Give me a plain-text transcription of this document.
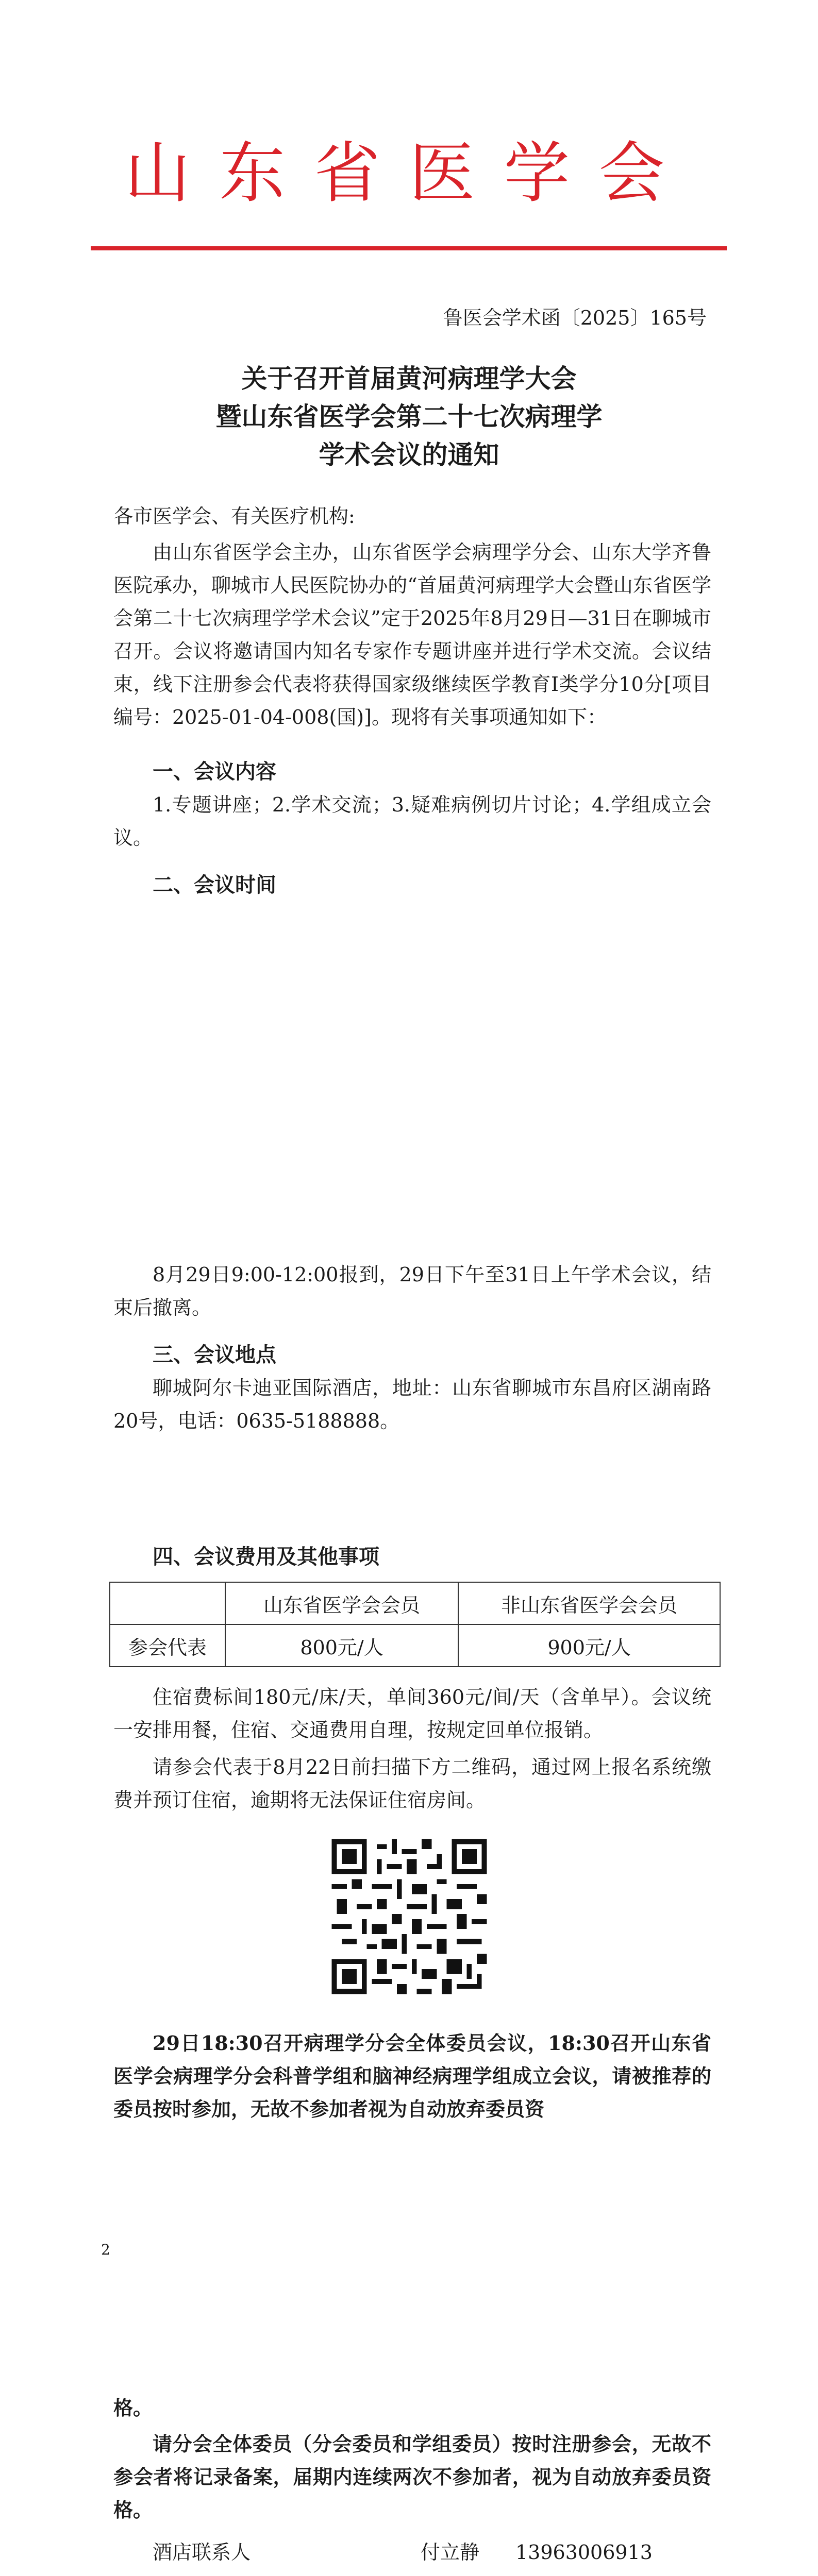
山东省医学会
鲁医会学术函〔2025〕165号
关于召开首届黄河病理学大会
暨山东省医学会第二十七次病理学
学术会议的通知

各市医学会、有关医疗机构:

由山东省医学会主办，山东省医学会病理学分会、山东大学齐鲁医院承办，聊城市人民医院协办的“首届黄河病理学大会暨山东省医学会第二十七次病理学学术会议”定于2025年8月29日—31日在聊城市召开。会议将邀请国内知名专家作专题讲座并进行学术交流。会议结束，线下注册参会代表将获得国家级继续医学教育I类学分10分[项目编号：2025-01-04-008(国)]。现将有关事项通知如下：

一、会议内容

1.专题讲座；2.学术交流；3.疑难病例切片讨论；4.学组成立会议。

二、会议时间

8月29日9:00-12:00报到，29日下午至31日上午学术会议，结束后撤离。

三、会议地点

聊城阿尔卡迪亚国际酒店，地址：山东省聊城市东昌府区湖南路20号，电话：0635-5188888。

四、会议费用及其他事项
	山东省医学会会员	非山东省医学会会员
参会代表	800元/人	900元/人

住宿费标间180元/床/天，单间360元/间/天（含单早）。会议统一安排用餐，住宿、交通费用自理，按规定回单位报销。

请参会代表于8月22日前扫描下方二维码，通过网上报名系统缴费并预订住宿，逾期将无法保证住宿房间。

29日18:30召开病理学分会全体委员会议，18:30召开山东省医学会病理学分会科普学组和脑神经病理学组成立会议，请被推荐的委员按时参加，无故不参加者视为自动放弃委员资

2

格。

请分会全体委员（分会委员和学组委员）按时注册参会，无故不参会者将记录备案，届期内连续两次不参加者，视为自动放弃委员资格。

酒店联系人	付立静 13963006913
